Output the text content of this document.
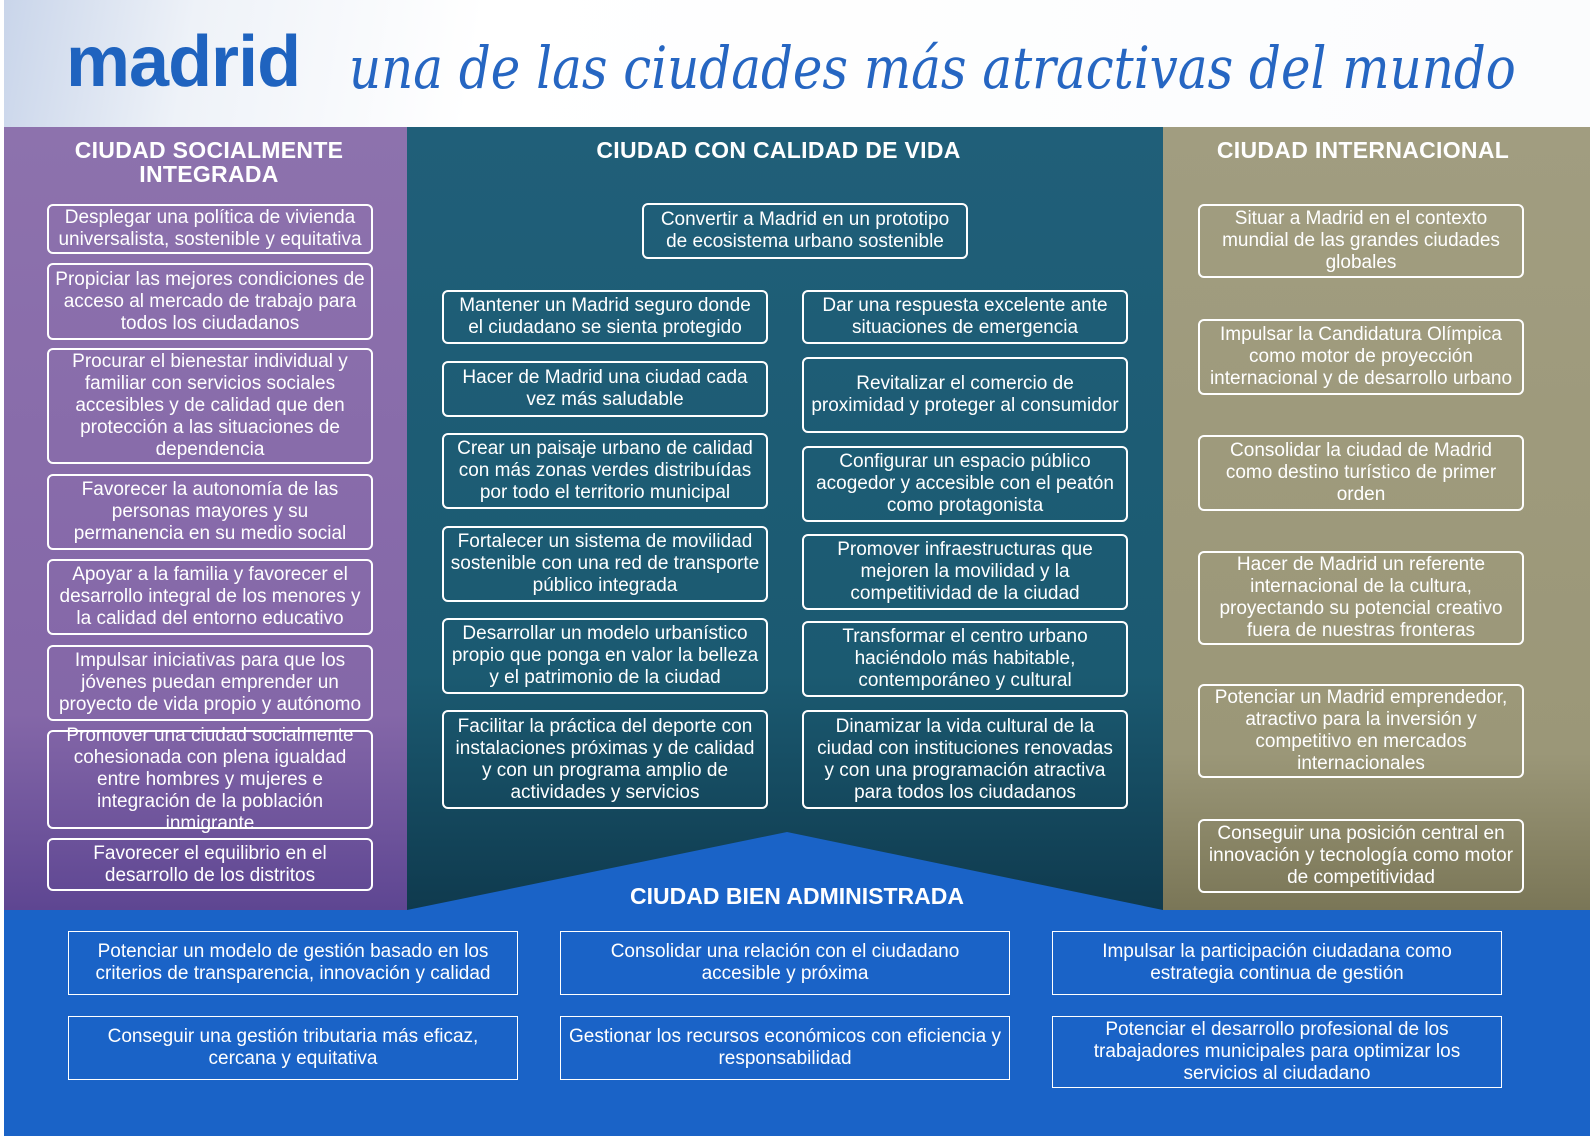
madrid una de las ciudades más atractivas del mundo
CIUDAD SOCIALMENTE INTEGRADA
Desplegar una política de vivienda universalista, sostenible y equitativa
Propiciar las mejores condiciones de acceso al mercado de trabajo para todos los ciudadanos
Procurar el bienestar individual y familiar con servicios sociales accesibles y de calidad que den protección a las situaciones de dependencia
Favorecer la autonomía de las personas mayores y su permanencia en su medio social
Apoyar a la familia y favorecer el desarrollo integral de los menores y la calidad del entorno educativo
Impulsar iniciativas para que los jóvenes puedan emprender un proyecto de vida propio y autónomo
Promover una ciudad socialmente cohesionada con plena igualdad entre hombres y mujeres e integración de la población inmigrante
Favorecer el equilibrio en el desarrollo de los distritos
CIUDAD CON CALIDAD DE VIDA
Convertir a Madrid en un prototipo de ecosistema urbano sostenible
Mantener un Madrid seguro donde el ciudadano se sienta protegido
Hacer de Madrid una ciudad cada vez más saludable
Crear un paisaje urbano de calidad con más zonas verdes distribuídas por todo el territorio municipal
Fortalecer un sistema de movilidad sostenible con una red de transporte público integrada
Desarrollar un modelo urbanístico propio que ponga en valor la belleza y el patrimonio de la ciudad
Facilitar la práctica del deporte con instalaciones próximas y de calidad y con un programa amplio de actividades y servicios
Dar una respuesta excelente ante situaciones de emergencia
Revitalizar el comercio de proximidad y proteger al consumidor
Configurar un espacio público acogedor y accesible con el peatón como protagonista
Promover infraestructuras que mejoren la movilidad y la competitividad de la ciudad
Transformar el centro urbano haciéndolo más habitable, contemporáneo y cultural
Dinamizar la vida cultural de la ciudad con instituciones renovadas y con una programación atractiva para todos los ciudadanos
CIUDAD INTERNACIONAL
Situar a Madrid en el contexto mundial de las grandes ciudades globales
Impulsar la Candidatura Olímpica como motor de proyección internacional y de desarrollo urbano
Consolidar la ciudad de Madrid como destino turístico de primer orden
Hacer de Madrid un referente internacional de la cultura, proyectando su potencial creativo fuera de nuestras fronteras
Potenciar un Madrid emprendedor, atractivo para la inversión y competitivo en mercados internacionales
Conseguir una posición central en innovación y tecnología como motor de competitividad
Potenciar un modelo de gestión basado en los criterios de transparencia, innovación y calidad
Consolidar una relación con el ciudadano accesible y próxima
Impulsar la participación ciudadana como estrategia continua de gestión
Conseguir una gestión tributaria más eficaz, cercana y equitativa
Gestionar los recursos económicos con eficiencia y responsabilidad
Potenciar el desarrollo profesional de los trabajadores municipales para optimizar los servicios al ciudadano
CIUDAD BIEN ADMINISTRADA
